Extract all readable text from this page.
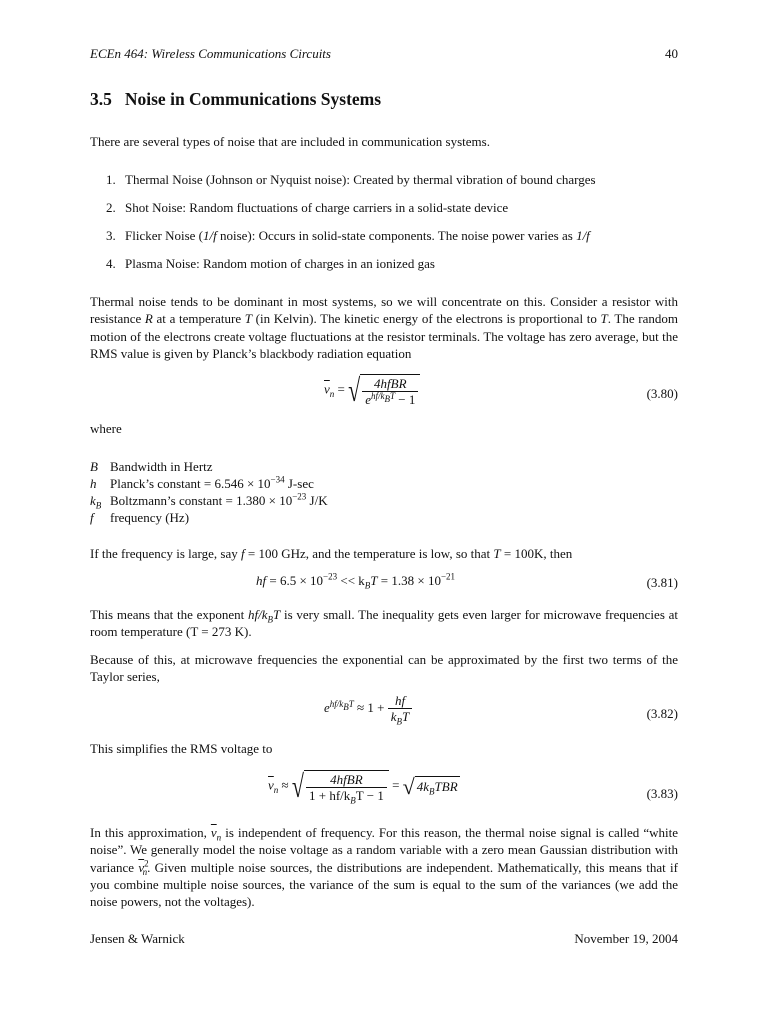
ECEn 464: Wireless Communications Circuits	40
3.5 Noise in Communications Systems

There are several types of noise that are included in communication systems.

1. Thermal Noise (Johnson or Nyquist noise): Created by thermal vibration of bound charges
2. Shot Noise: Random fluctuations of charge carriers in a solid-state device
3. Flicker Noise (1/f noise): Occurs in solid-state components. The noise power varies as 1/f
4. Plasma Noise: Random motion of charges in an ionized gas

Thermal noise tends to be dominant in most systems, so we will concentrate on this. Consider a resistor with resistance R at a temperature T (in Kelvin). The kinetic energy of the electrons is proportional to T. The random motion of the electrons create voltage fluctuations at the resistor terminals. The voltage has zero average, but the RMS value is given by Planck’s blackbody radiation equation

$\overline{v}_n$ = √ $\frac{\text{4hfBR}}{e^{hf/k_BT} - 1}$	(3.80)

where

B Bandwidth in Hertz
h Planck’s constant = $6.546 \times 10^{-34}$ J-sec
$k_B$ Boltzmann’s constant = $1.380 \times 10^{-23}$ J/K
f frequency (Hz)

If the frequency is large, say f = 100 GHz, and the temperature is low, so that T = 100K, then

hf = $6.5 \times 10^{-23} << k_BT = 1.38 \times 10^{-21}$	(3.81)

This means that the exponent $hf/k_BT$ is very small. The inequality gets even larger for microwave frequencies at room temperature (T = 273 K).

Because of this, at microwave frequencies the exponential can be approximated by the first two terms of the Taylor series,

$e^{hf/k_BT} \approx 1 + \frac{hf}{k_BT}$	(3.82)

This simplifies the RMS voltage to

$\overline{v}_n$ ≈ √ $\frac{\text{4hfBR}}{1 + hf/k_BT - 1}$ = √ $4k_BTBR$	(3.83)

In this approximation, $\overline{v}_n$ is independent of frequency. For this reason, the thermal noise signal is called “white noise”. We generally model the noise voltage as a random variable with a zero mean Gaussian distribution with variance $\overline{v}^2_n$. Given multiple noise sources, the distributions are independent. Mathematically, this means that if you combine multiple noise sources, the variance of the sum is equal to the sum of the variances (we add the noise powers, not the voltages).

Jensen & Warnick	November 19, 2004
